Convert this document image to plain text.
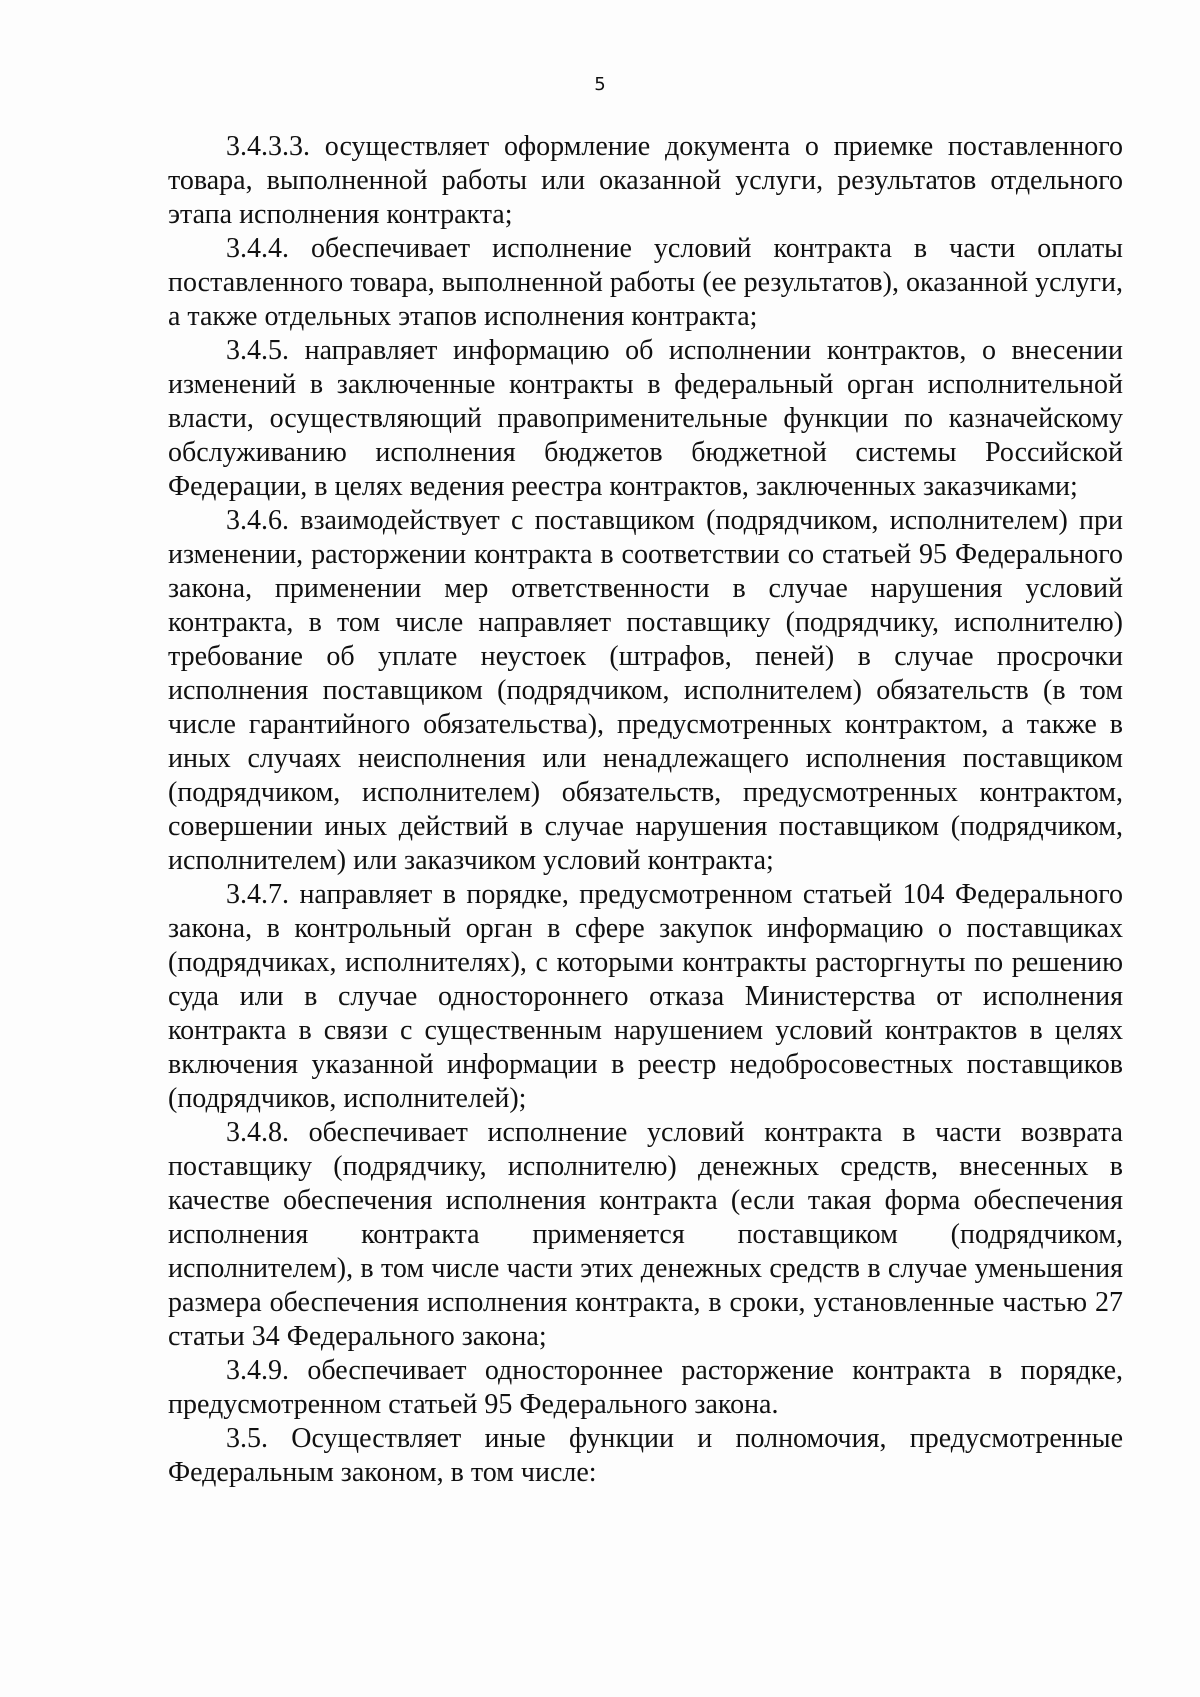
5

3.4.3.3. осуществляет оформление документа о приемке поставленного товара, выполненной работы или оказанной услуги, результатов отдельного этапа исполнения контракта;

3.4.4. обеспечивает исполнение условий контракта в части оплаты поставленного товара, выполненной работы (ее результатов), оказанной услуги, а также отдельных этапов исполнения контракта;

3.4.5. направляет информацию об исполнении контрактов, о внесении изменений в заключенные контракты в федеральный орган исполнительной власти, осуществляющий правоприменительные функции по казначейскому обслуживанию исполнения бюджетов бюджетной системы Российской Федерации, в целях ведения реестра контрактов, заключенных заказчиками;

3.4.6. взаимодействует с поставщиком (подрядчиком, исполнителем) при изменении, расторжении контракта в соответствии со статьей 95 Федерального закона, применении мер ответственности в случае нарушения условий контракта, в том числе направляет поставщику (подрядчику, исполнителю) требование об уплате неустоек (штрафов, пеней) в случае просрочки исполнения поставщиком (подрядчиком, исполнителем) обязательств (в том числе гарантийного обязательства), предусмотренных контрактом, а также в иных случаях неисполнения или ненадлежащего исполнения поставщиком (подрядчиком, исполнителем) обязательств, предусмотренных контрактом, совершении иных действий в случае нарушения поставщиком (подрядчиком, исполнителем) или заказчиком условий контракта;

3.4.7. направляет в порядке, предусмотренном статьей 104 Федерального закона, в контрольный орган в сфере закупок информацию о поставщиках (подрядчиках, исполнителях), с которыми контракты расторгнуты по решению суда или в случае одностороннего отказа Министерства от исполнения контракта в связи с существенным нарушением условий контрактов в целях включения указанной информации в реестр недобросовестных поставщиков (подрядчиков, исполнителей);

3.4.8. обеспечивает исполнение условий контракта в части возврата поставщику (подрядчику, исполнителю) денежных средств, внесенных в качестве обеспечения исполнения контракта (если такая форма обеспечения исполнения контракта применяется поставщиком (подрядчиком, исполнителем), в том числе части этих денежных средств в случае уменьшения размера обеспечения исполнения контракта, в сроки, установленные частью 27 статьи 34 Федерального закона;

3.4.9. обеспечивает одностороннее расторжение контракта в порядке, предусмотренном статьей 95 Федерального закона.

3.5. Осуществляет иные функции и полномочия, предусмотренные Федеральным законом, в том числе:
